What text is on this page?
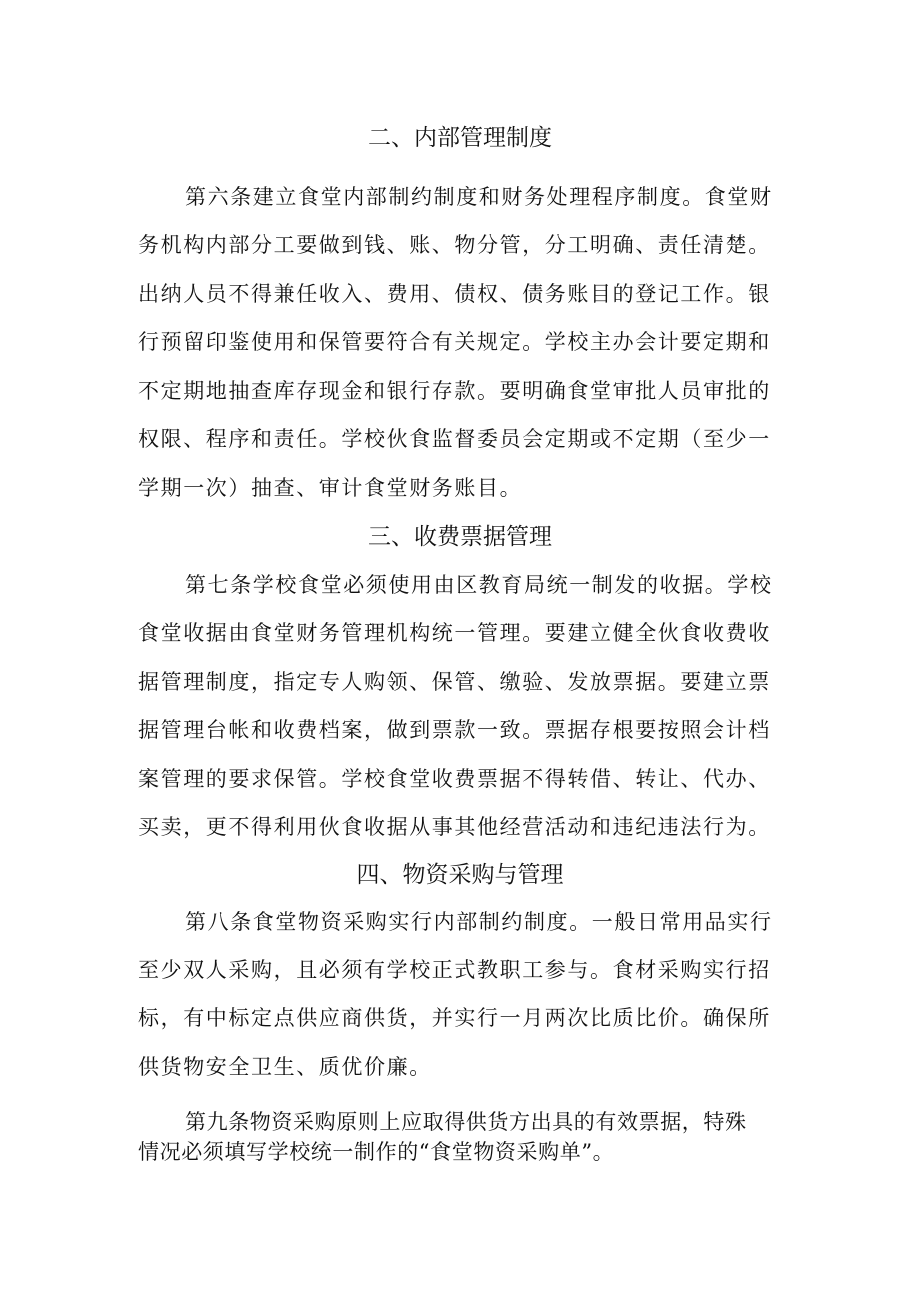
二、内部管理制度

第六条建立食堂内部制约制度和财务处理程序制度。食堂财

务机构内部分工要做到钱、账、物分管，分工明确、责任清楚。

出纳人员不得兼任收入、费用、债权、债务账目的登记工作。银

行预留印鉴使用和保管要符合有关规定。学校主办会计要定期和

不定期地抽查库存现金和银行存款。要明确食堂审批人员审批的

权限、程序和责任。学校伙食监督委员会定期或不定期（至少一

学期一次）抽查、审计食堂财务账目。

三、收费票据管理

第七条学校食堂必须使用由区教育局统一制发的收据。学校

食堂收据由食堂财务管理机构统一管理。要建立健全伙食收费收

据管理制度，指定专人购领、保管、缴验、发放票据。要建立票

据管理台帐和收费档案，做到票款一致。票据存根要按照会计档

案管理的要求保管。学校食堂收费票据不得转借、转让、代办、

买卖，更不得利用伙食收据从事其他经营活动和违纪违法行为。

四、物资采购与管理

第八条食堂物资采购实行内部制约制度。一般日常用品实行

至少双人采购，且必须有学校正式教职工参与。食材采购实行招

标，有中标定点供应商供货，并实行一月两次比质比价。确保所

供货物安全卫生、质优价廉。

第九条物资采购原则上应取得供货方出具的有效票据，特殊

情况必须填写学校统一制作的“食堂物资采购单”。
